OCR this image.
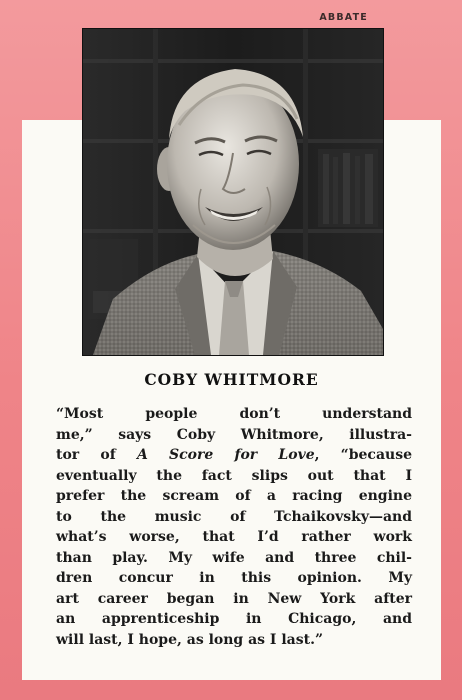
ABBATE
COBY WHITMORE
“Most people don’t understand
me,” says Coby Whitmore, illustra-
tor of A Score for Love, “because
eventually the fact slips out that I
prefer the scream of a racing engine
to the music of Tchaikovsky—and
what’s worse, that I’d rather work
than play. My wife and three chil-
dren concur in this opinion. My
art career began in New York after
an apprenticeship in Chicago, and
will last, I hope, as long as I last.”
